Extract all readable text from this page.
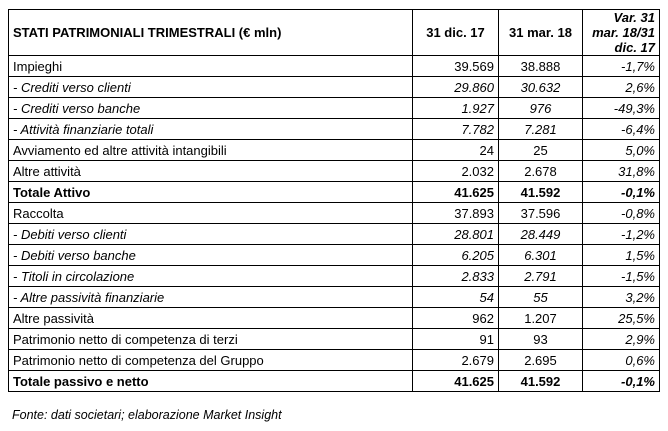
STATI PATRIMONIALI TRIMESTRALI (€ mln)	31 dic. 17	31 mar. 18	Var. 31
mar. 18/31
dic. 17

Impieghi	39.569	38.888	-1,7%
- Crediti verso clienti	29.860	30.632	2,6%
- Crediti verso banche	1.927	976	-49,3%
- Attività finanziarie totali	7.782	7.281	-6,4%
Avviamento ed altre attività intangibili	24	25	5,0%
Altre attività	2.032	2.678	31,8%
Totale Attivo	41.625	41.592	-0,1%
Raccolta	37.893	37.596	-0,8%
- Debiti verso clienti	28.801	28.449	-1,2%
- Debiti verso banche	6.205	6.301	1,5%
- Titoli in circolazione	2.833	2.791	-1,5%
- Altre passività finanziarie	54	55	3,2%
Altre passività	962	1.207	25,5%
Patrimonio netto di competenza di terzi	91	93	2,9%
Patrimonio netto di competenza del Gruppo	2.679	2.695	0,6%
Totale passivo e netto	41.625	41.592	-0,1%
Fonte: dati societari; elaborazione Market Insight
